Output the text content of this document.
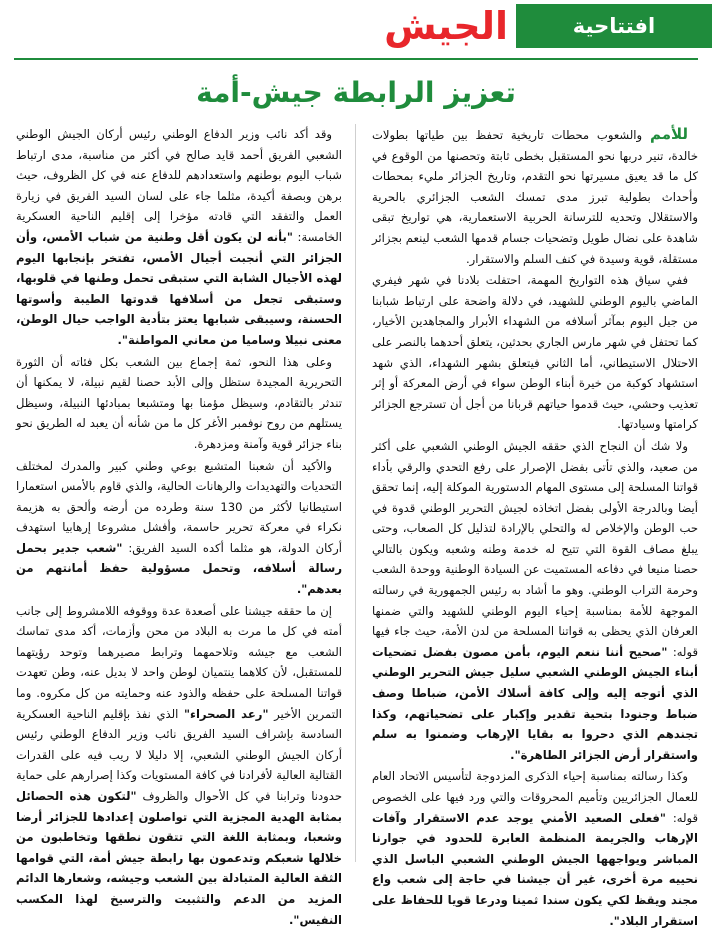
افتتاحية
الجيش
تعزيز الرابطة جيش-أمة

للأمم والشعوب محطات تاريخية تحفظ بين طياتها بطولات خالدة، تنير دربها نحو المستقبل بخطى ثابتة وتحصنها من الوقوع في كل ما قد يعيق مسيرتها نحو التقدم، وتاريخ الجزائر مليء بمحطات وأحداث بطولية تبرز مدى تمسك الشعب الجزائري بالحرية والاستقلال وتحديه للترسانة الحربية الاستعمارية، هي تواريخ تبقى شاهدة على نضال طويل وتضحيات جسام قدمها الشعب لينعم بجزائر مستقلة، قوية وسيدة في كنف السلم والاستقرار.

ففي سياق هذه التواريخ المهمة، احتفلت بلادنا في شهر فيفري الماضي باليوم الوطني للشهيد، في دلالة واضحة على ارتباط شبابنا من جيل اليوم بمآثر أسلافه من الشهداء الأبرار والمجاهدين الأخيار، كما تحتفل في شهر مارس الجاري بحدثين، يتعلق أحدهما بالنصر على الاحتلال الاستيطاني، أما الثاني فيتعلق بشهر الشهداء، الذي شهد استشهاد كوكبة من خيرة أبناء الوطن سواء في أرض المعركة أو إثر تعذيب وحشي، حيث قدموا حياتهم قربانا من أجل أن تسترجع الجزائر كرامتها وسيادتها.

ولا شك أن النجاح الذي حققه الجيش الوطني الشعبي على أكثر من صعيد، والذي تأتى بفضل الإصرار على رفع التحدي والرقي بأداء قواتنا المسلحة إلى مستوى المهام الدستورية الموكلة إليه، إنما تحقق أيضا وبالدرجة الأولى بفضل اتخاذه لجيش التحرير الوطني قدوة في حب الوطن والإخلاص له والتحلي بالإرادة لتذليل كل الصعاب، وحتى يبلغ مصاف القوة التي تتيح له خدمة وطنه وشعبه ويكون بالتالي حصنا منيعا في دفاعه المستميت عن السيادة الوطنية ووحدة الشعب وحرمة التراب الوطني. وهو ما أشاد به رئيس الجمهورية في رسالته الموجهة للأمة بمناسبة إحياء اليوم الوطني للشهيد والتي ضمنها العرفان الذي يحظى به قواتنا المسلحة من لدن الأمة، حيث جاء فيها قوله: "صحيح أننا ننعم اليوم، بأمن مصون بفضل تضحيات أبناء الجيش الوطني الشعبي سليل جيش التحرير الوطني الذي أتوجه إليه وإلى كافة أسلاك الأمن، ضباطا وصف ضباط وجنودا بتحية تقدير وإكبار على تضحياتهم، وكذا تجندهم الذي دحروا به بقايا الإرهاب وضمنوا به سلم واستقرار أرض الجزائر الطاهرة".

وكذا رسالته بمناسبة إحياء الذكرى المزدوجة لتأسيس الاتحاد العام للعمال الجزائريين وتأميم المحروقات والتي ورد فيها على الخصوص قوله: "فعلى الصعيد الأمني يوجد عدم الاستقرار وآفات الإرهاب والجريمة المنظمة العابرة للحدود في جوارنا المباشر ويواجهها الجيش الوطني الشعبي الباسل الذي نحييه مرة أخرى، غير أن جيشنا في حاجة إلى شعب واع مجند ويقظ لكي يكون سندا ثمينا ودرعا قويا للحفاظ على استقرار البلاد".

وقد أكد نائب وزير الدفاع الوطني رئيس أركان الجيش الوطني الشعبي الفريق أحمد قايد صالح في أكثر من مناسبة، مدى ارتباط شباب اليوم بوطنهم واستعدادهم للدفاع عنه في كل الظروف، حيث برهن وبصفة أكيدة، مثلما جاء على لسان السيد الفريق في زيارة العمل والتفقد التي قادته مؤخرا إلى إقليم الناحية العسكرية الخامسة: "بأنه لن يكون أقل وطنية من شباب الأمس، وأن الجزائر التي أنجبت أجيال الأمس، تفتخر بإنجابها اليوم لهذه الأجيال الشابة التي ستبقى تحمل وطنها في قلوبها، وستبقى تجعل من أسلافها قدوتها الطيبة وأسوتها الحسنة، وسيبقى شبابها يعتز بتأدية الواجب حيال الوطن، معنى نبيلا وساميا من معاني المواطنة".

وعلى هذا النحو، ثمة إجماع بين الشعب بكل فئاته أن الثورة التحريرية المجيدة ستظل وإلى الأبد حصنا لقيم نبيلة، لا يمكنها أن تندثر بالتقادم، وسيظل مؤمنا بها ومتشبعا بمبادئها النبيلة، وسيظل يستلهم من روح نوفمبر الأغر كل ما من شأنه أن يعبد له الطريق نحو بناء جزائر قوية وآمنة ومزدهرة.

والأكيد أن شعبنا المتشبع بوعي وطني كبير والمدرك لمختلف التحديات والتهديدات والرهانات الحالية، والذي قاوم بالأمس استعمارا استيطانيا لأكثر من 130 سنة وطرده من أرضه وألحق به هزيمة نكراء في معركة تحرير حاسمة، وأفشل مشروعا إرهابيا استهدف أركان الدولة، هو مثلما أكده السيد الفريق: "شعب جدير بحمل رسالة أسلافه، وتحمل مسؤولية حفظ أمانتهم من بعدهم".

إن ما حققه جيشنا على أصعدة عدة ووقوفه اللامشروط إلى جانب أمته في كل ما مرت به البلاد من محن وأزمات، أكد مدى تماسك الشعب مع جيشه وتلاحمهما وترابط مصيرهما وتوحد رؤيتهما للمستقبل، لأن كلاهما ينتميان لوطن واحد لا بديل عنه، وطن تعهدت قواتنا المسلحة على حفظه والذود عنه وحمايته من كل مكروه. وما التمرين الأخير "رعد الصحراء" الذي نفذ بإقليم الناحية العسكرية السادسة بإشراف السيد الفريق نائب وزير الدفاع الوطني رئيس أركان الجيش الوطني الشعبي، إلا دليلا لا ريب فيه على القدرات القتالية العالية لأفرادنا في كافة المستويات وكذا إصرارهم على حماية حدودنا وترابنا في كل الأحوال والظروف "لتكون هذه الحصائل بمثابة الهدية المجزية التي تواصلون إعدادها للجزائر أرضا وشعبا، وبمثابة اللغة التي تتقون نطقها وتخاطبون من خلالها شعبكم وتدعمون بها رابطة جيش أمة، التي قوامها الثقة العالية المتبادلة بين الشعب وجيشه، وشعارها الدائم المزيد من الدعم والتثبيت والترسيخ لهذا المكسب النفيس".
